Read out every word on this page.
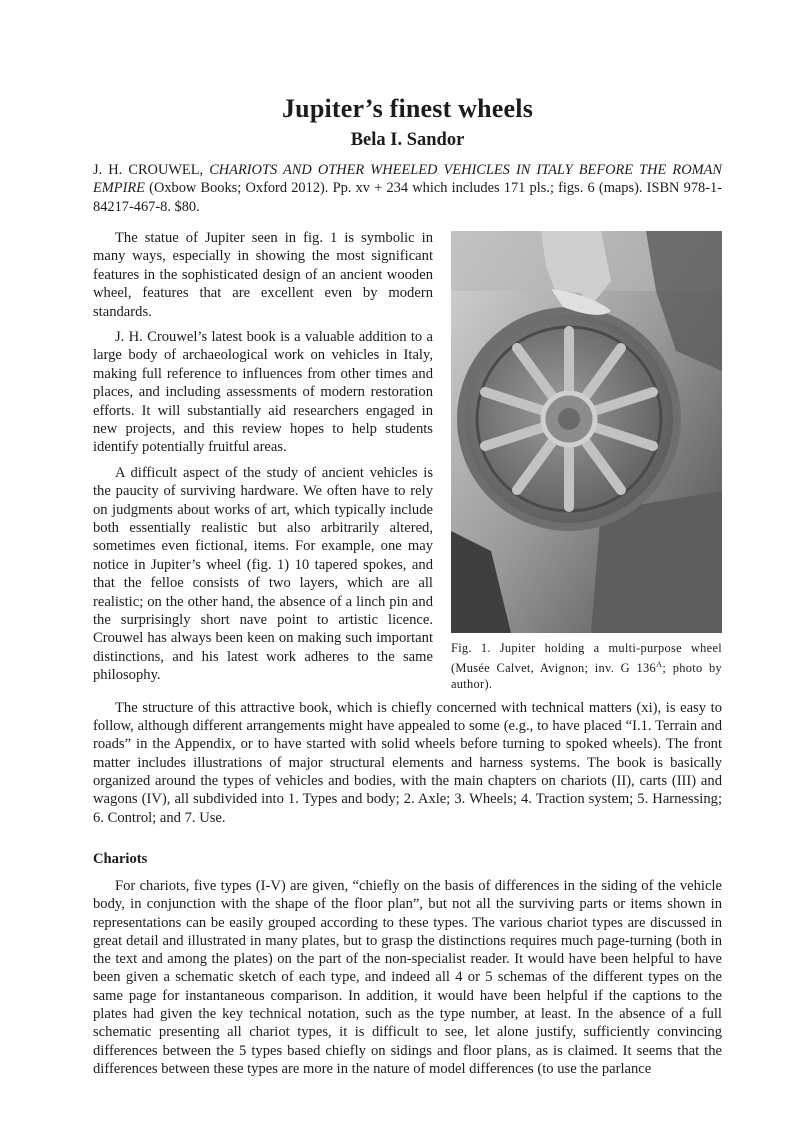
Jupiter’s finest wheels
Bela I. Sandor

J. H. CROUWEL, CHARIOTS AND OTHER WHEELED VEHICLES IN ITALY BEFORE THE ROMAN EMPIRE (Oxbow Books; Oxford 2012). Pp. xv + 234 which includes 171 pls.; figs. 6 (maps). ISBN 978-1-84217-467-8. $80.

The statue of Jupiter seen in fig. 1 is symbolic in many ways, especially in showing the most significant features in the sophisticated design of an ancient wooden wheel, features that are excellent even by modern standards.

J. H. Crouwel’s latest book is a valuable addition to a large body of archaeological work on vehicles in Italy, making full reference to influences from other times and places, and including assessments of modern restoration efforts. It will substantially aid researchers engaged in new projects, and this review hopes to help students identify potentially fruitful areas.

A difficult aspect of the study of ancient vehicles is the paucity of surviving hardware. We often have to rely on judgments about works of art, which typically include both essentially realistic but also arbitrarily altered, sometimes even fictional, items. For example, one may notice in Jupiter’s wheel (fig. 1) 10 tapered spokes, and that the felloe consists of two layers, which are all realistic; on the other hand, the absence of a linch pin and the surprisingly short nave point to artistic licence. Crouwel has always been keen on making such important distinctions, and his latest work adheres to the same philosophy.

Fig. 1. Jupiter holding a multi-purpose wheel (Musée Calvet, Avignon; inv. G $136^A$; photo by author).

The structure of this attractive book, which is chiefly concerned with technical matters (xi), is easy to follow, although different arrangements might have appealed to some (e.g., to have placed “I.1. Terrain and roads” in the Appendix, or to have started with solid wheels before turning to spoked wheels). The front matter includes illustrations of major structural elements and harness systems. The book is basically organized around the types of vehicles and bodies, with the main chapters on chariots (II), carts (III) and wagons (IV), all subdivided into 1. Types and body; 2. Axle; 3. Wheels; 4. Traction system; 5. Harnessing; 6. Control; and 7. Use.

Chariots

For chariots, five types (I-V) are given, “chiefly on the basis of differences in the siding of the vehicle body, in conjunction with the shape of the floor plan”, but not all the surviving parts or items shown in representations can be easily grouped according to these types. The various chariot types are discussed in great detail and illustrated in many plates, but to grasp the distinctions requires much page-turning (both in the text and among the plates) on the part of the non-specialist reader. It would have been helpful to have been given a schematic sketch of each type, and indeed all 4 or 5 schemas of the different types on the same page for instantaneous comparison. In addition, it would have been helpful if the captions to the plates had given the key technical notation, such as the type number, at least. In the absence of a full schematic presenting all chariot types, it is difficult to see, let alone justify, sufficiently convincing differences between the 5 types based chiefly on sidings and floor plans, as is claimed. It seems that the differences between these types are more in the nature of model differences (to use the parlance
